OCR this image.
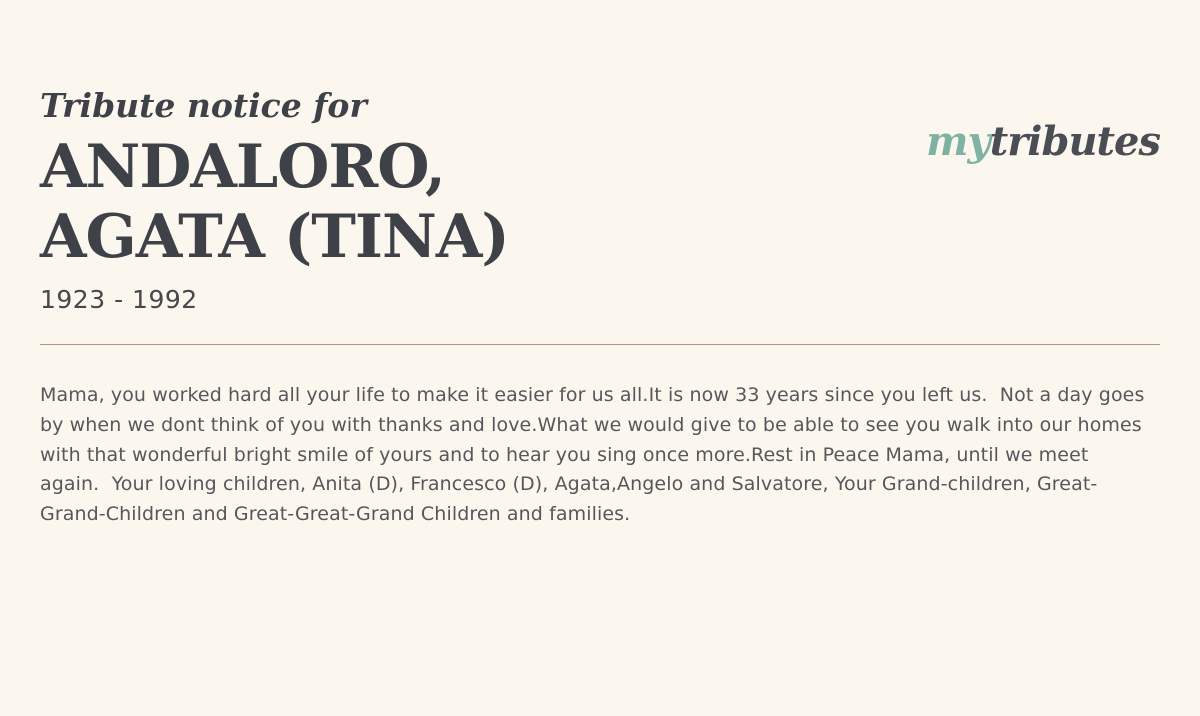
mytributes
Tribute notice for
ANDALORO, AGATA (TINA)
1923 - 1992

Mama, you worked hard all your life to make it easier for us all.It is now 33 years since you left us.  Not a day goes by when we dont think of you with thanks and love.What we would give to be able to see you walk into our homes with that wonderful bright smile of yours and to hear you sing once more.Rest in Peace Mama, until we meet again.  Your loving children, Anita (D), Francesco (D), Agata,Angelo and Salvatore, Your Grand-children, Great-Grand-Children and Great-Great-Grand Children and families.
